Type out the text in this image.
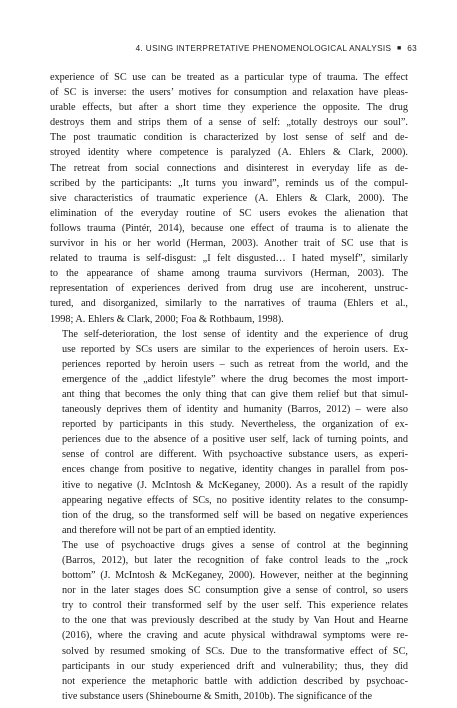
4. USING INTERPRETATIVE PHENOMENOLOGICAL ANALYSIS ■ 63

experience of SC use can be treated as a particular type of trauma. The effect
of SC is inverse: the users’ motives for consumption and relaxation have pleas-
urable effects, but after a short time they experience the opposite. The drug
destroys them and strips them of a sense of self: „totally destroys our soul”.
The post traumatic condition is characterized by lost sense of self and de-
stroyed identity where competence is paralyzed (A. Ehlers & Clark, 2000).
The retreat from social connections and disinterest in everyday life as de-
scribed by the participants: „It turns you inward”, reminds us of the compul-
sive characteristics of traumatic experience (A. Ehlers & Clark, 2000). The
elimination of the everyday routine of SC users evokes the alienation that
follows trauma (Pintér, 2014), because one effect of trauma is to alienate the
survivor in his or her world (Herman, 2003). Another trait of SC use that is
related to trauma is self-disgust: „I felt disgusted… I hated myself”, similarly
to the appearance of shame among trauma survivors (Herman, 2003). The
representation of experiences derived from drug use are incoherent, unstruc-
tured, and disorganized, similarly to the narratives of trauma (Ehlers et al.,
1998; A. Ehlers & Clark, 2000; Foa & Rothbaum, 1998).

The self-deterioration, the lost sense of identity and the experience of drug
use reported by SCs users are similar to the experiences of heroin users. Ex-
periences reported by heroin users – such as retreat from the world, and the
emergence of the „addict lifestyle” where the drug becomes the most import-
ant thing that becomes the only thing that can give them relief but that simul-
taneously deprives them of identity and humanity (Barros, 2012) – were also
reported by participants in this study. Nevertheless, the organization of ex-
periences due to the absence of a positive user self, lack of turning points, and
sense of control are different. With psychoactive substance users, as experi-
ences change from positive to negative, identity changes in parallel from pos-
itive to negative (J. McIntosh & McKeganey, 2000). As a result of the rapidly
appearing negative effects of SCs, no positive identity relates to the consump-
tion of the drug, so the transformed self will be based on negative experiences
and therefore will not be part of an emptied identity.

The use of psychoactive drugs gives a sense of control at the beginning
(Barros, 2012), but later the recognition of fake control leads to the „rock
bottom” (J. McIntosh & McKeganey, 2000). However, neither at the beginning
nor in the later stages does SC consumption give a sense of control, so users
try to control their transformed self by the user self. This experience relates
to the one that was previously described at the study by Van Hout and Hearne
(2016), where the craving and acute physical withdrawal symptoms were re-
solved by resumed smoking of SCs. Due to the transformative effect of SC,
participants in our study experienced drift and vulnerability; thus, they did
not experience the metaphoric battle with addiction described by psychoac-
tive substance users (Shinebourne & Smith, 2010b). The significance of the
